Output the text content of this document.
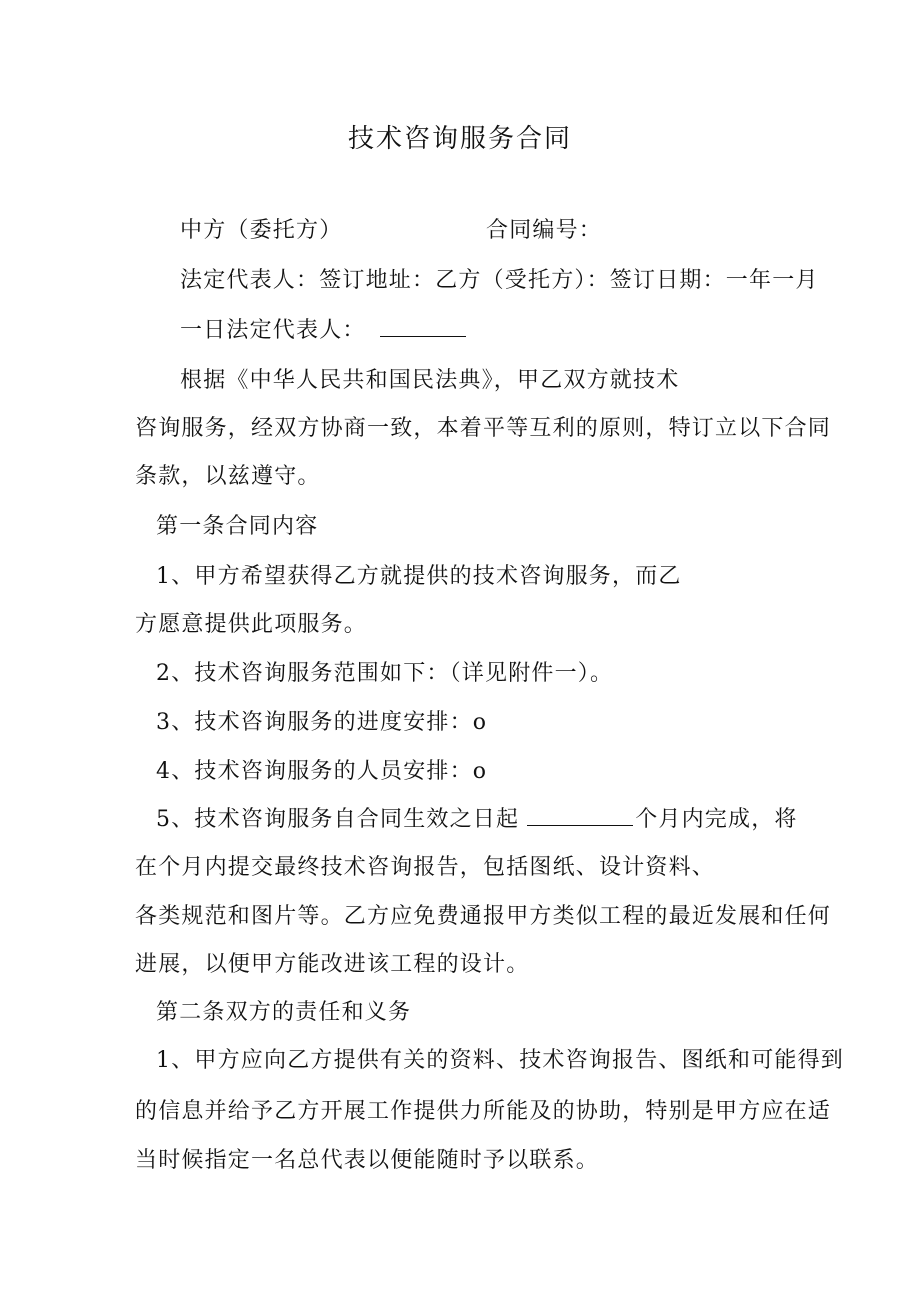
技术咨询服务合同
中方（委托方）	合同编号：
法定代表人：签订地址：乙方（受托方）：签订日期：一年一月
一日法定代表人：
根据《中华人民共和国民法典》，甲乙双方就技术
咨询服务，经双方协商一致，本着平等互利的原则，特订立以下合同
条款，以兹遵守。
第一条合同内容
1、甲方希望获得乙方就提供的技术咨询服务，而乙
方愿意提供此项服务。
2、技术咨询服务范围如下：（详见附件一）。
3、技术咨询服务的进度安排：o
4、技术咨询服务的人员安排：o
5、技术咨询服务自合同生效之日起	个月内完成，将
在个月内提交最终技术咨询报告，包括图纸、设计资料、
各类规范和图片等。乙方应免费通报甲方类似工程的最近发展和任何
进展，以便甲方能改进该工程的设计。
第二条双方的责任和义务
1、甲方应向乙方提供有关的资料、技术咨询报告、图纸和可能得到
的信息并给予乙方开展工作提供力所能及的协助，特别是甲方应在适
当时候指定一名总代表以便能随时予以联系。
